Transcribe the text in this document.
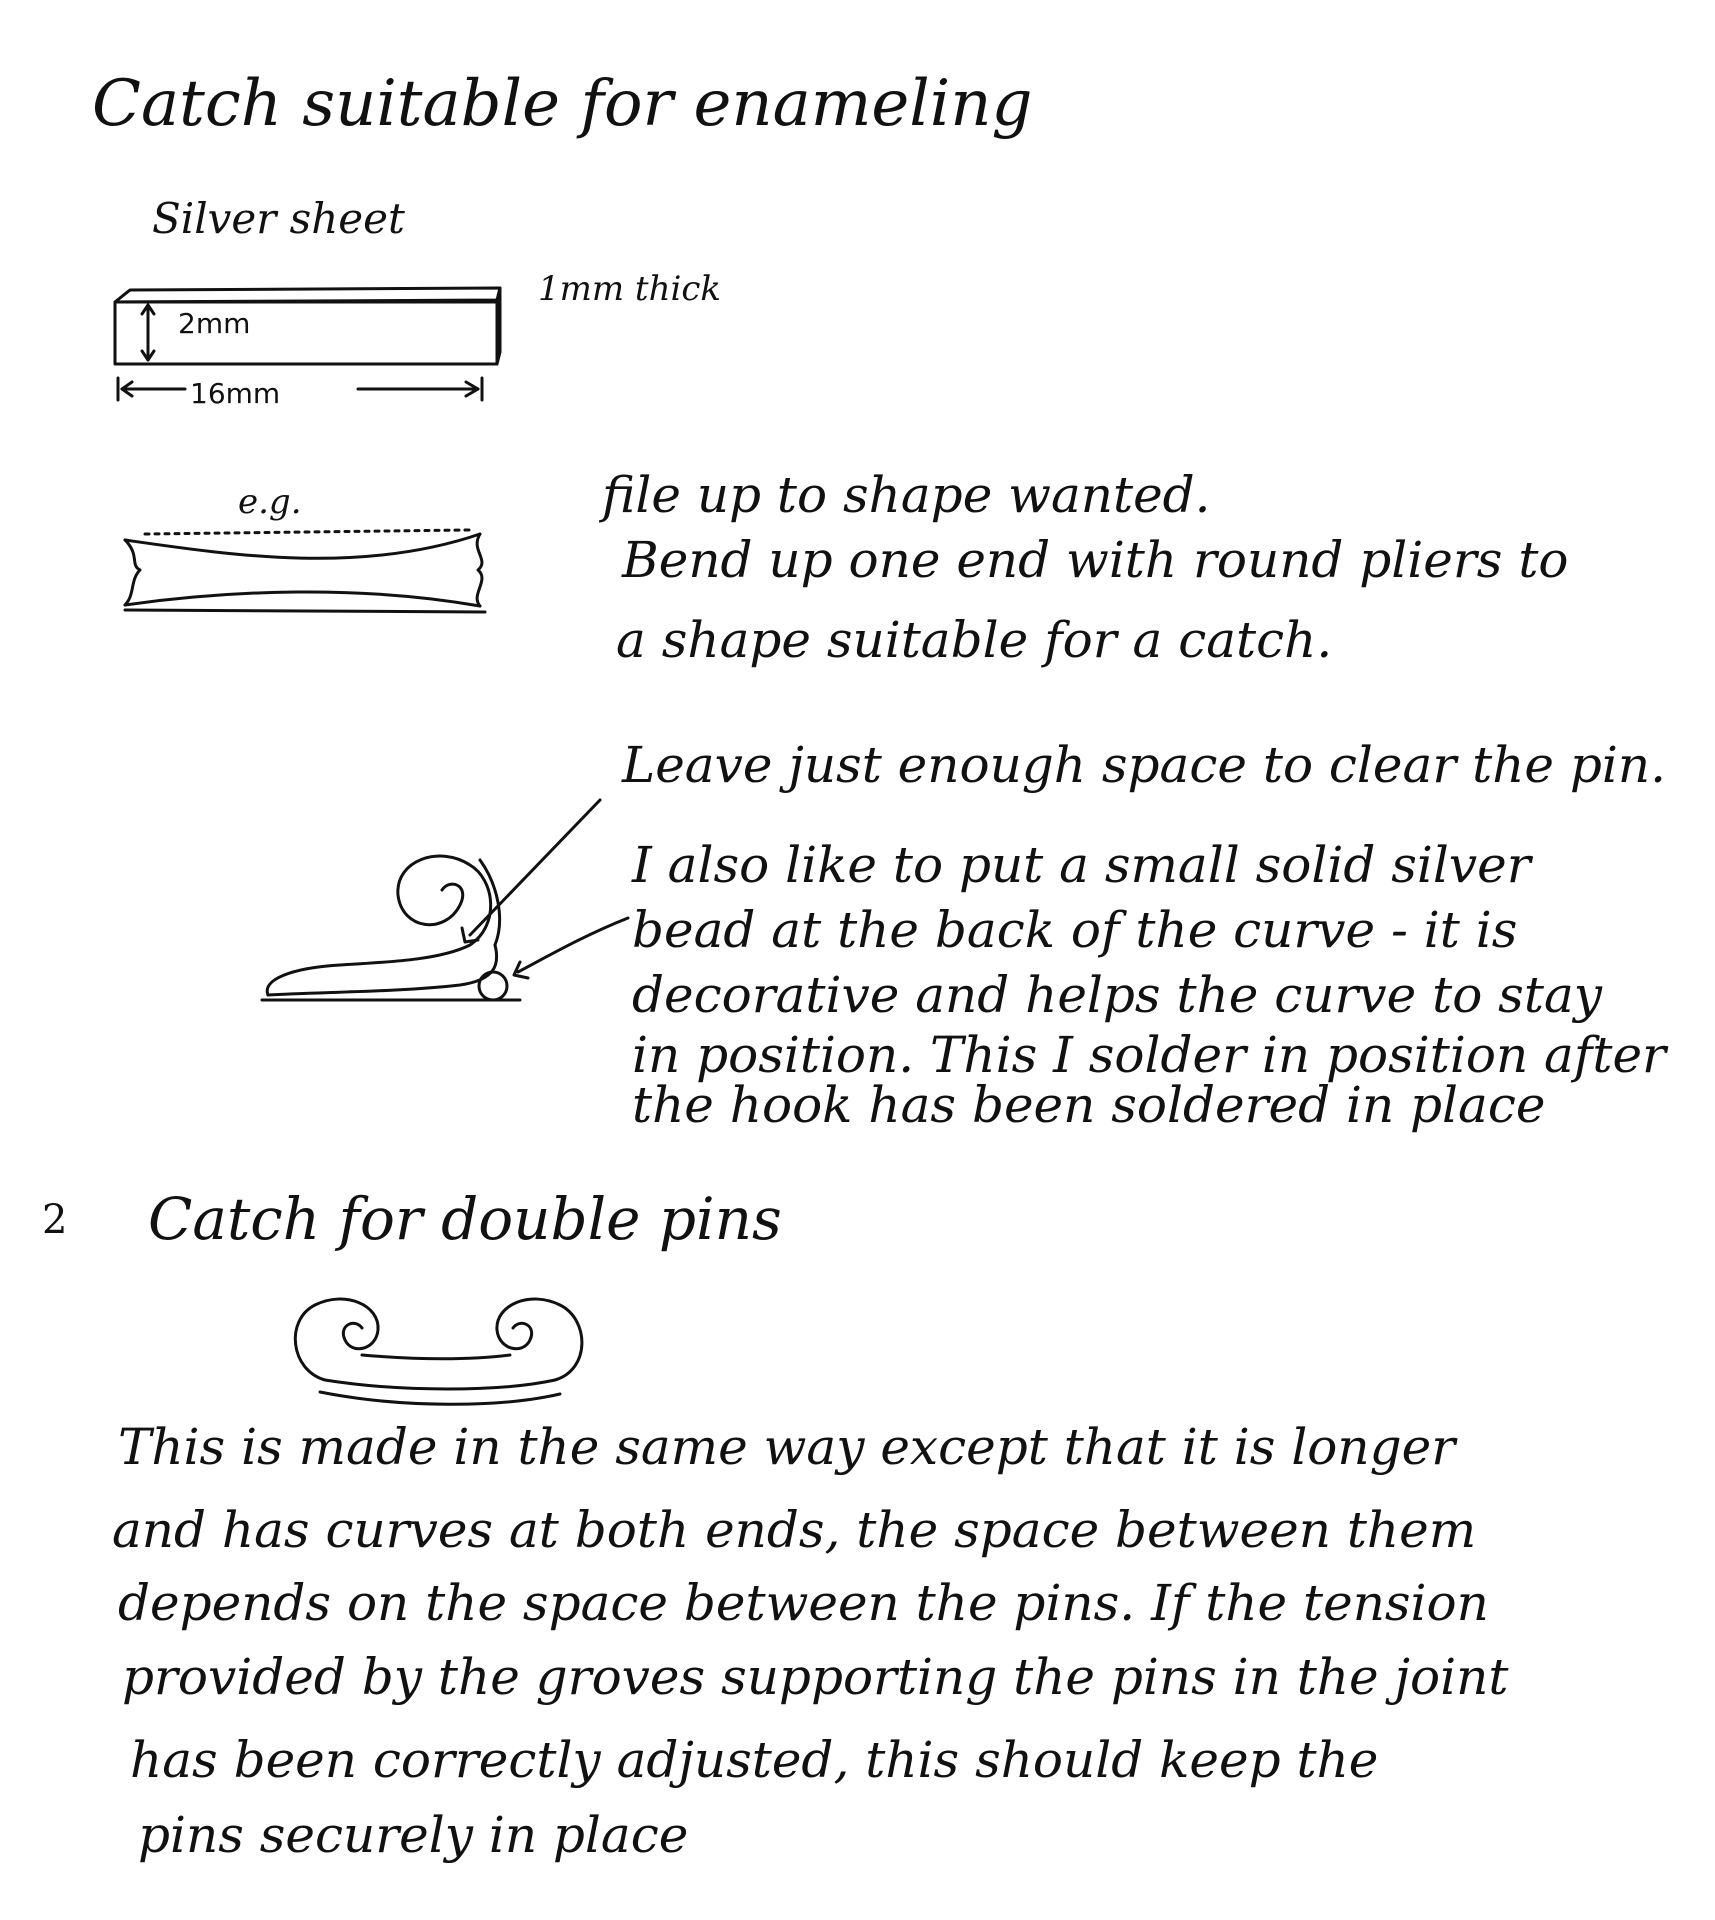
Catch suitable for enameling
Silver sheet
1mm thick
2mm
16mm
e.g.	file up to shape wanted.
Bend up one end with round pliers to
a shape suitable for a catch.
Leave just enough space to clear the pin.
I also like to put a small solid silver
bead at the back of the curve - it is
decorative and helps the curve to stay
in position. This I solder in position after
the hook has been soldered in place
2 Catch for double pins
This is made in the same way except that it is longer
and has curves at both ends, the space between them
depends on the space between the pins. If the tension
provided by the groves supporting the pins in the joint
has been correctly adjusted, this should keep the
pins securely in place
